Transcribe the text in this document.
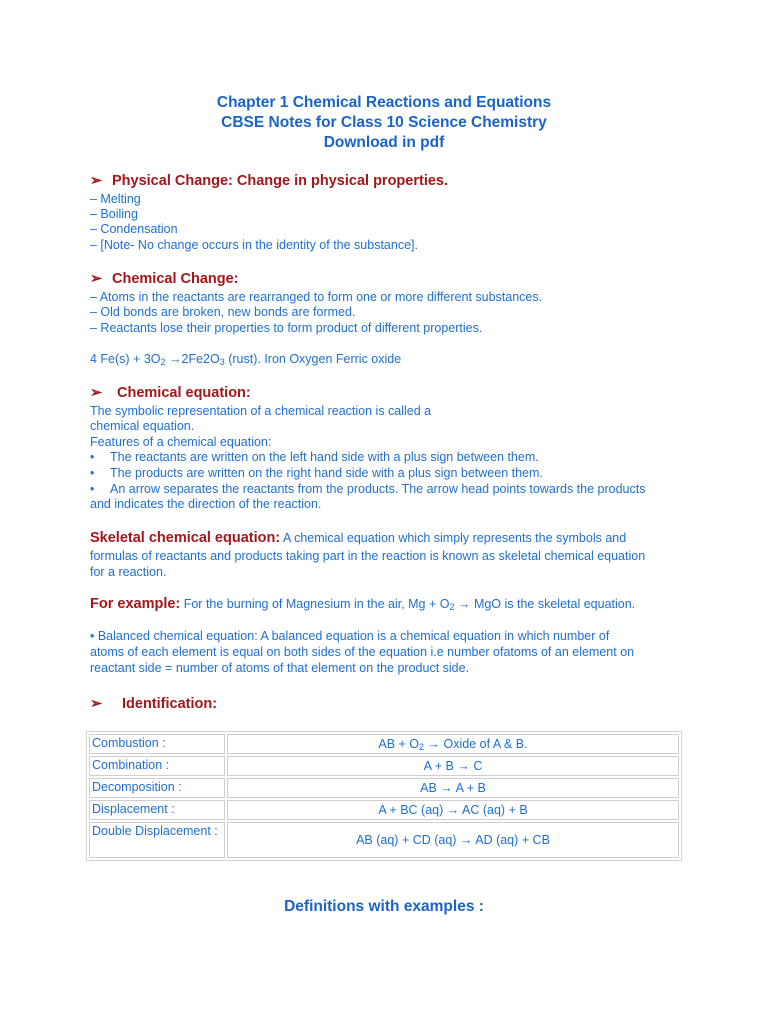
Chapter 1 Chemical Reactions and Equations
CBSE Notes for Class 10 Science Chemistry
Download in pdf
➢ Physical Change: Change in physical properties.
– Melting
– Boiling
– Condensation
– [Note- No change occurs in the identity of the substance].
➢ Chemical Change:
– Atoms in the reactants are rearranged to form one or more different substances.
– Old bonds are broken, new bonds are formed.
– Reactants lose their properties to form product of different properties.
4 $Fe(s) + 3O_2 \to 2Fe2O_3$ (rust). Iron Oxygen Ferric oxide
➢ Chemical equation:
The symbolic representation of a chemical reaction is called a
chemical equation.
Features of a chemical equation:
• The reactants are written on the left hand side with a plus sign between them.
• The products are written on the right hand side with a plus sign between them.
• An arrow separates the reactants from the products. The arrow head points towards the products
and indicates the direction of the reaction.
Skeletal chemical equation: A chemical equation which simply represents the symbols and
formulas of reactants and products taking part in the reaction is known as skeletal chemical equation
for a reaction.
For example: For the burning of Magnesium in the air, $Mg + O_2$ → MgO is the skeletal equation.
• Balanced chemical equation: A balanced equation is a chemical equation in which number of
atoms of each element is equal on both sides of the equation i.e number ofatoms of an element on
reactant side = number of atoms of that element on the product side.
➢ Identification:
Combustion :	AB + $O_2$ → Oxide of A & B.
Combination :	A + B → C
Decomposition :	AB → A + B
Displacement :	A + BC (aq) → AC (aq) + B
Double Displacement :	AB (aq) + CD (aq) → AD (aq) + CB
Definitions with examples :
